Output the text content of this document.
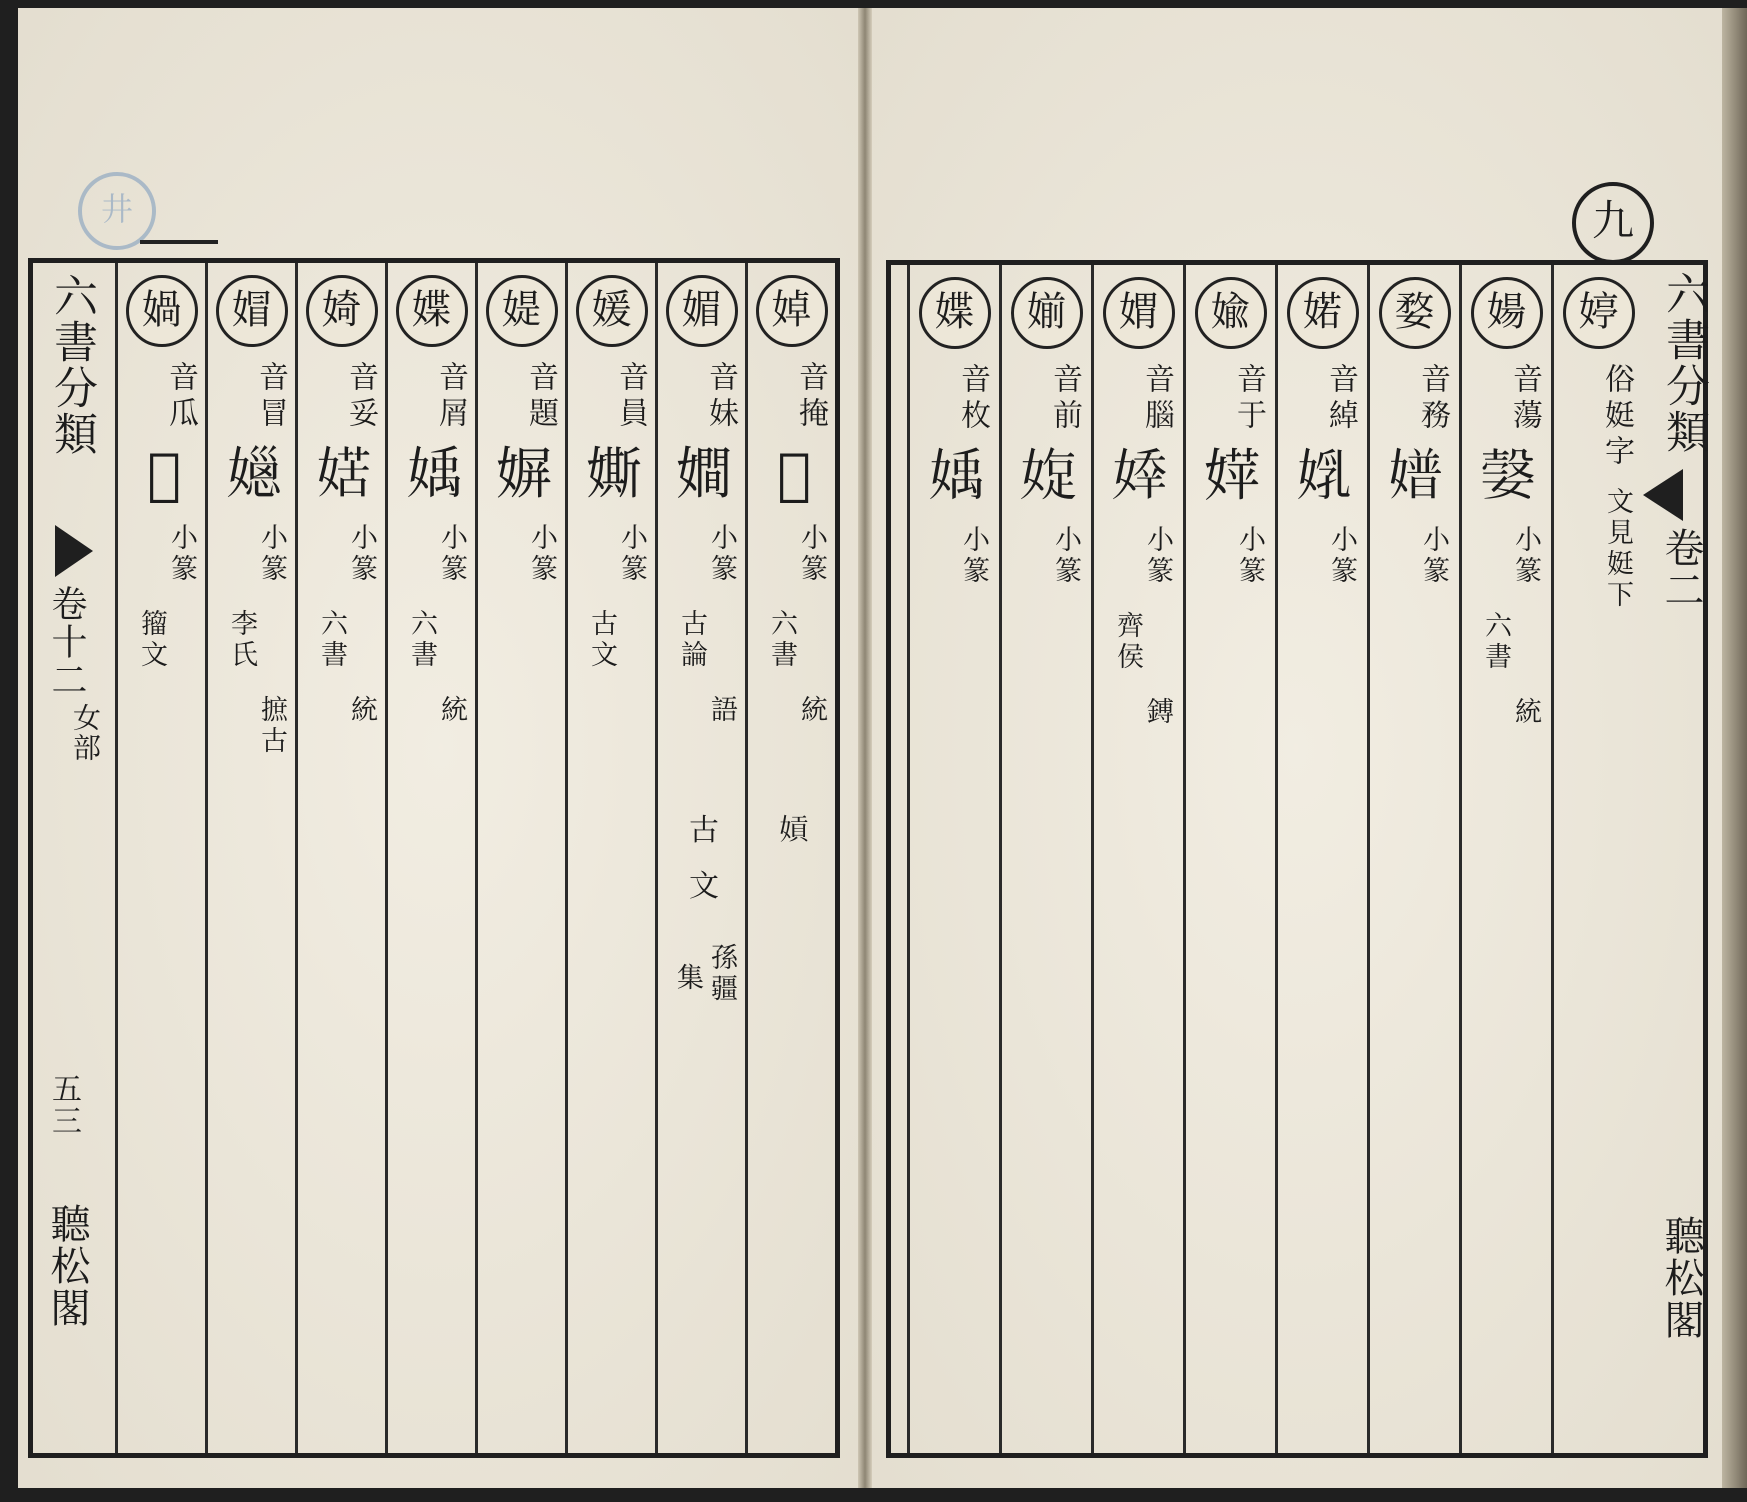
井
六書分類
卷十二
女部
五三
聽松閣
婥
音掩
𡞷
小篆
六書
統
𡟫
媚
音妹
𡢃
小篆
古論
語
古文
孫疆
集
媛
音員
𡡒
小篆
古文
媞
音題
𡟛
小篆
媟
音屑
𡟥
小篆
六書
統
婍
音妥
𡞯
小篆
六書
統
媢
音冒
𡢆
小篆
李氏
摭古
媧
音瓜
𡟧
小篆
籀文
婷
俗娗字
文見娗下
婸
音蕩
𡠆
小篆
六書
統
婺
音務
𡡝
小篆
婼
音綽
𡝦
小篆
婾
音于
𡞴
小篆
媦
音腦
𡟡
小篆
齊侯
鎛
媊
音前
𡟐
小篆
媟
音枚
𡟥
小篆
六書分類
卷二
聽松閣
九
